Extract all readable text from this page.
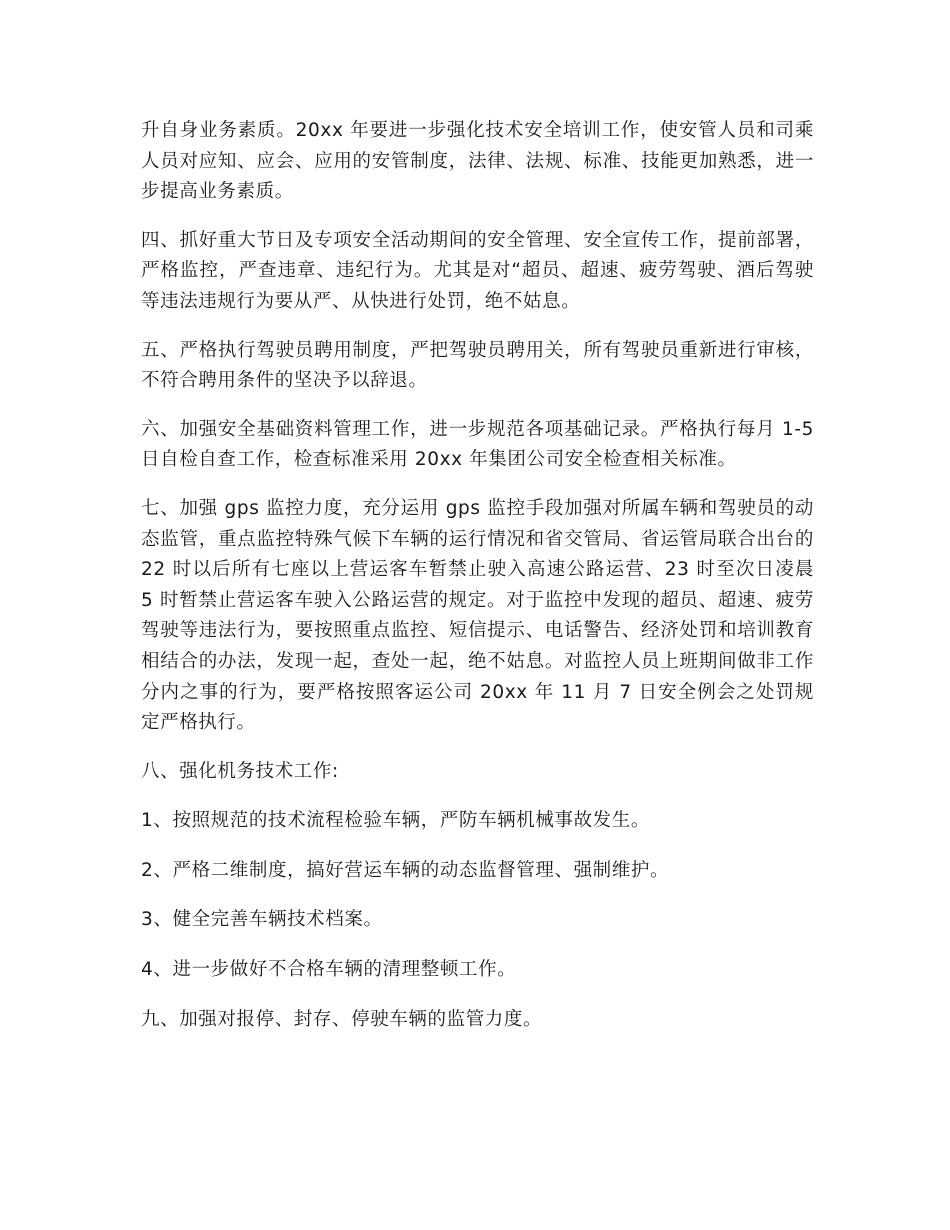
升自身业务素质。20xx 年要进一步强化技术安全培训工作，使安管人员和司乘人员对应知、应会、应用的安管制度，法律、法规、标准、技能更加熟悉，进一步提高业务素质。

四、抓好重大节日及专项安全活动期间的安全管理、安全宣传工作，提前部署，严格监控，严查违章、违纪行为。尤其是对“超员、超速、疲劳驾驶、酒后驾驶等违法违规行为要从严、从快进行处罚，绝不姑息。

五、严格执行驾驶员聘用制度，严把驾驶员聘用关，所有驾驶员重新进行审核，不符合聘用条件的坚决予以辞退。

六、加强安全基础资料管理工作，进一步规范各项基础记录。严格执行每月 1-5 日自检自查工作，检查标准采用 20xx 年集团公司安全检查相关标准。

七、加强 gps 监控力度，充分运用 gps 监控手段加强对所属车辆和驾驶员的动态监管，重点监控特殊气候下车辆的运行情况和省交管局、省运管局联合出台的 22 时以后所有七座以上营运客车暂禁止驶入高速公路运营、23 时至次日凌晨 5 时暂禁止营运客车驶入公路运营的规定。对于监控中发现的超员、超速、疲劳驾驶等违法行为，要按照重点监控、短信提示、电话警告、经济处罚和培训教育相结合的办法，发现一起，查处一起，绝不姑息。对监控人员上班期间做非工作分内之事的行为，要严格按照客运公司 20xx 年 11 月 7 日安全例会之处罚规定严格执行。

八、强化机务技术工作:

1、按照规范的技术流程检验车辆，严防车辆机械事故发生。

2、严格二维制度，搞好营运车辆的动态监督管理、强制维护。

3、健全完善车辆技术档案。

4、进一步做好不合格车辆的清理整顿工作。

九、加强对报停、封存、停驶车辆的监管力度。
